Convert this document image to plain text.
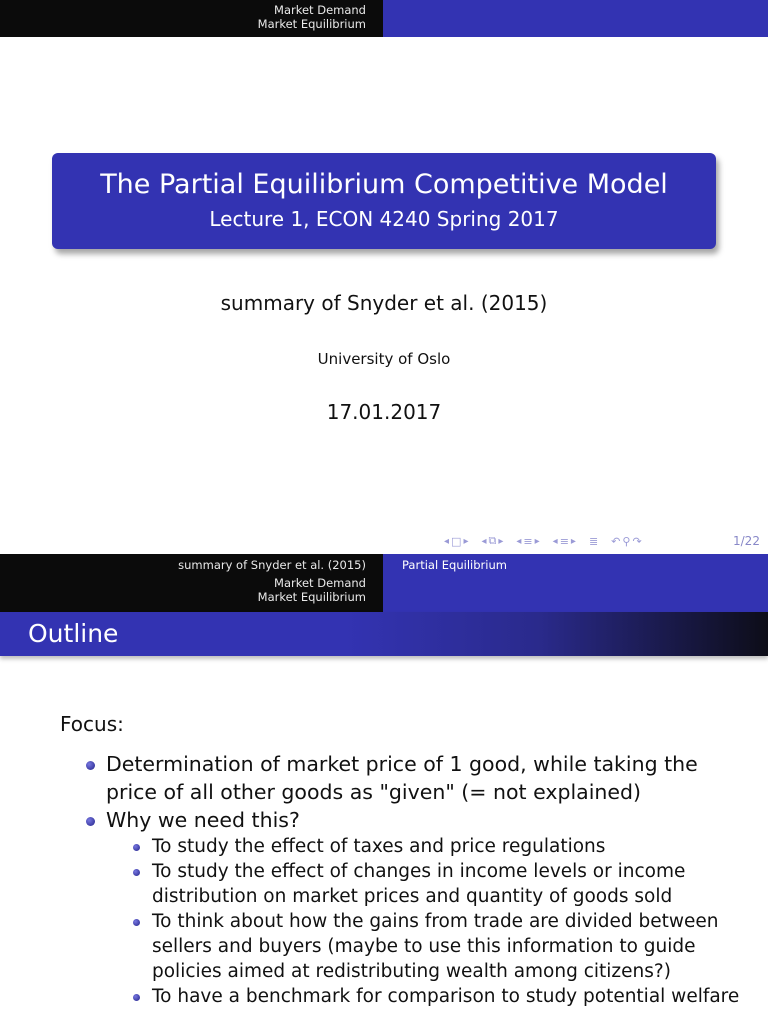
Market Demand
Market Equilibrium
The Partial Equilibrium Competitive Model
Lecture 1, ECON 4240 Spring 2017
summary of Snyder et al. (2015)
University of Oslo
17.01.2017
◂ □ ▸ ◂ ⧉ ▸ ◂ ≡ ▸ ◂ ≡ ▸ ≣ ↶ ⚲ ↷	1/22
summary of Snyder et al. (2015)
Market Demand
Market Equilibrium
Partial Equilibrium
Outline
Focus:
Determination of market price of 1 good, while taking the price of all other goods as "given" (= not explained)
Why we need this?
To study the effect of taxes and price regulations
To study the effect of changes in income levels or income distribution on market prices and quantity of goods sold
To think about how the gains from trade are divided between sellers and buyers (maybe to use this information to guide policies aimed at redistributing wealth among citizens?)
To have a benchmark for comparison to study potential welfare
